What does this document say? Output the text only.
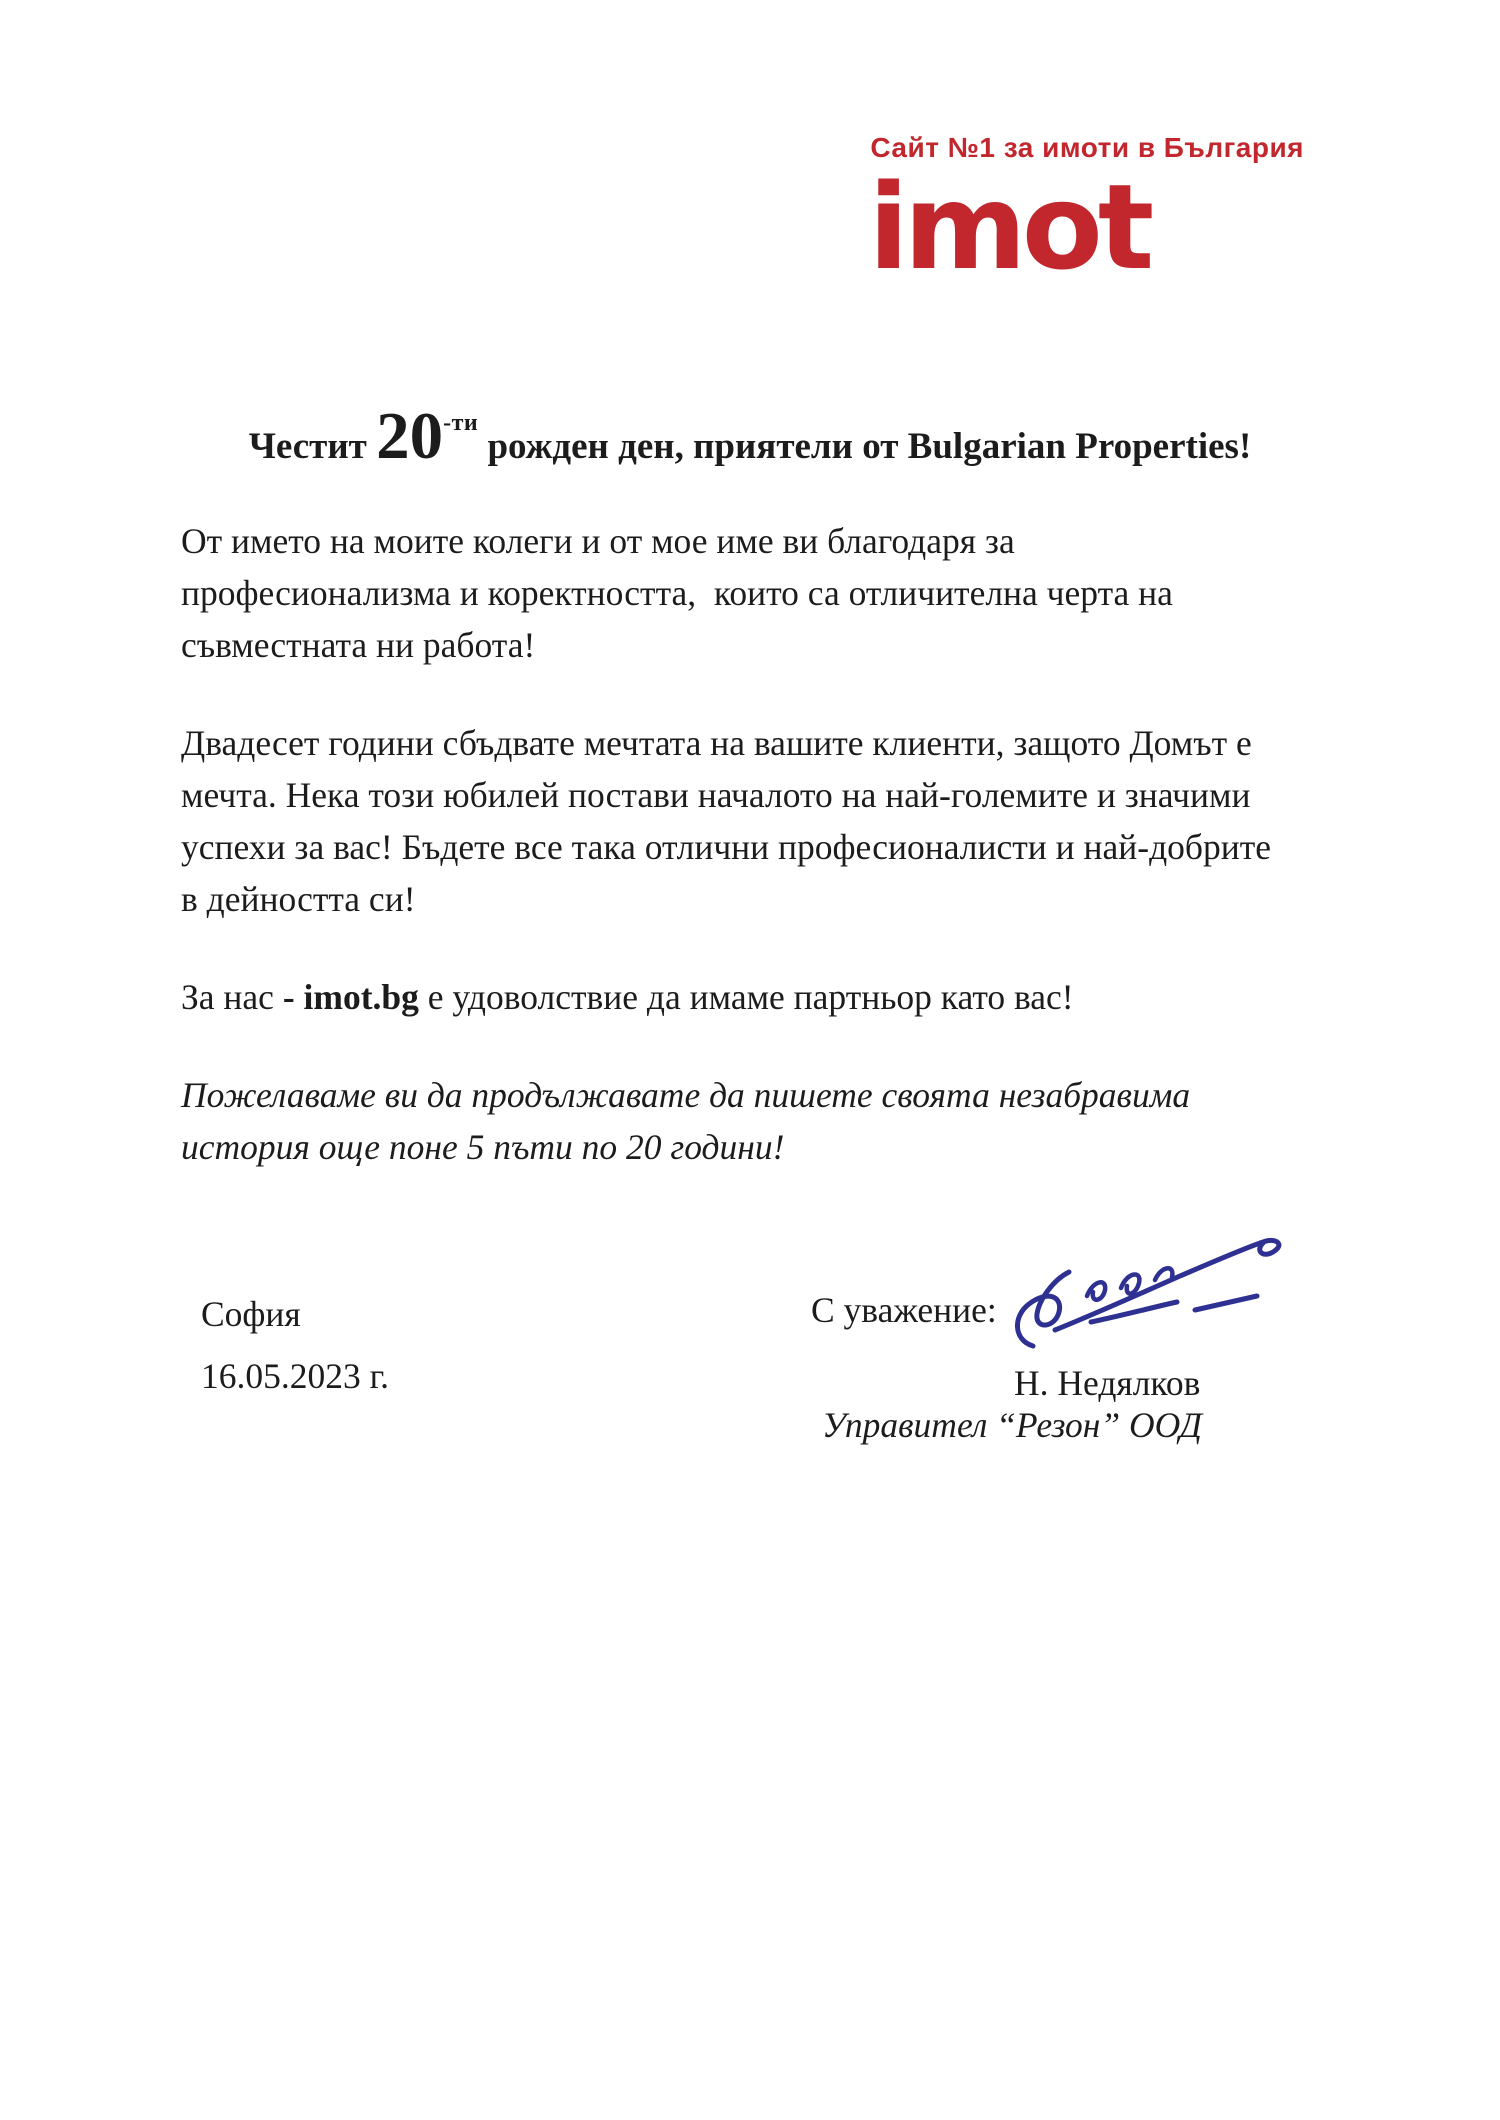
Сайт №1 за имоти в България
imot.bg
Честит $20^{-ти}$ рожден ден, приятели от Bulgarian Properties!
От името на моите колеги и от мое име ви благодаря за
професионализма и коректността,  които са отличителна черта на
съвместната ни работа!
Двадесет години сбъдвате мечтата на вашите клиенти, защото Домът е
мечта. Нека този юбилей постави началото на най-големите и значими
успехи за вас! Бъдете все така отлични професионалисти и най-добрите
в дейността си!
За нас - imot.bg е удоволствие да имаме партньор като вас!
Пожелаваме ви да продължавате да пишете своята незабравима
история още поне 5 пъти по 20 години!
София
16.05.2023 г.
С уважение:
Н. Недялков
Управител “Резон” ООД
